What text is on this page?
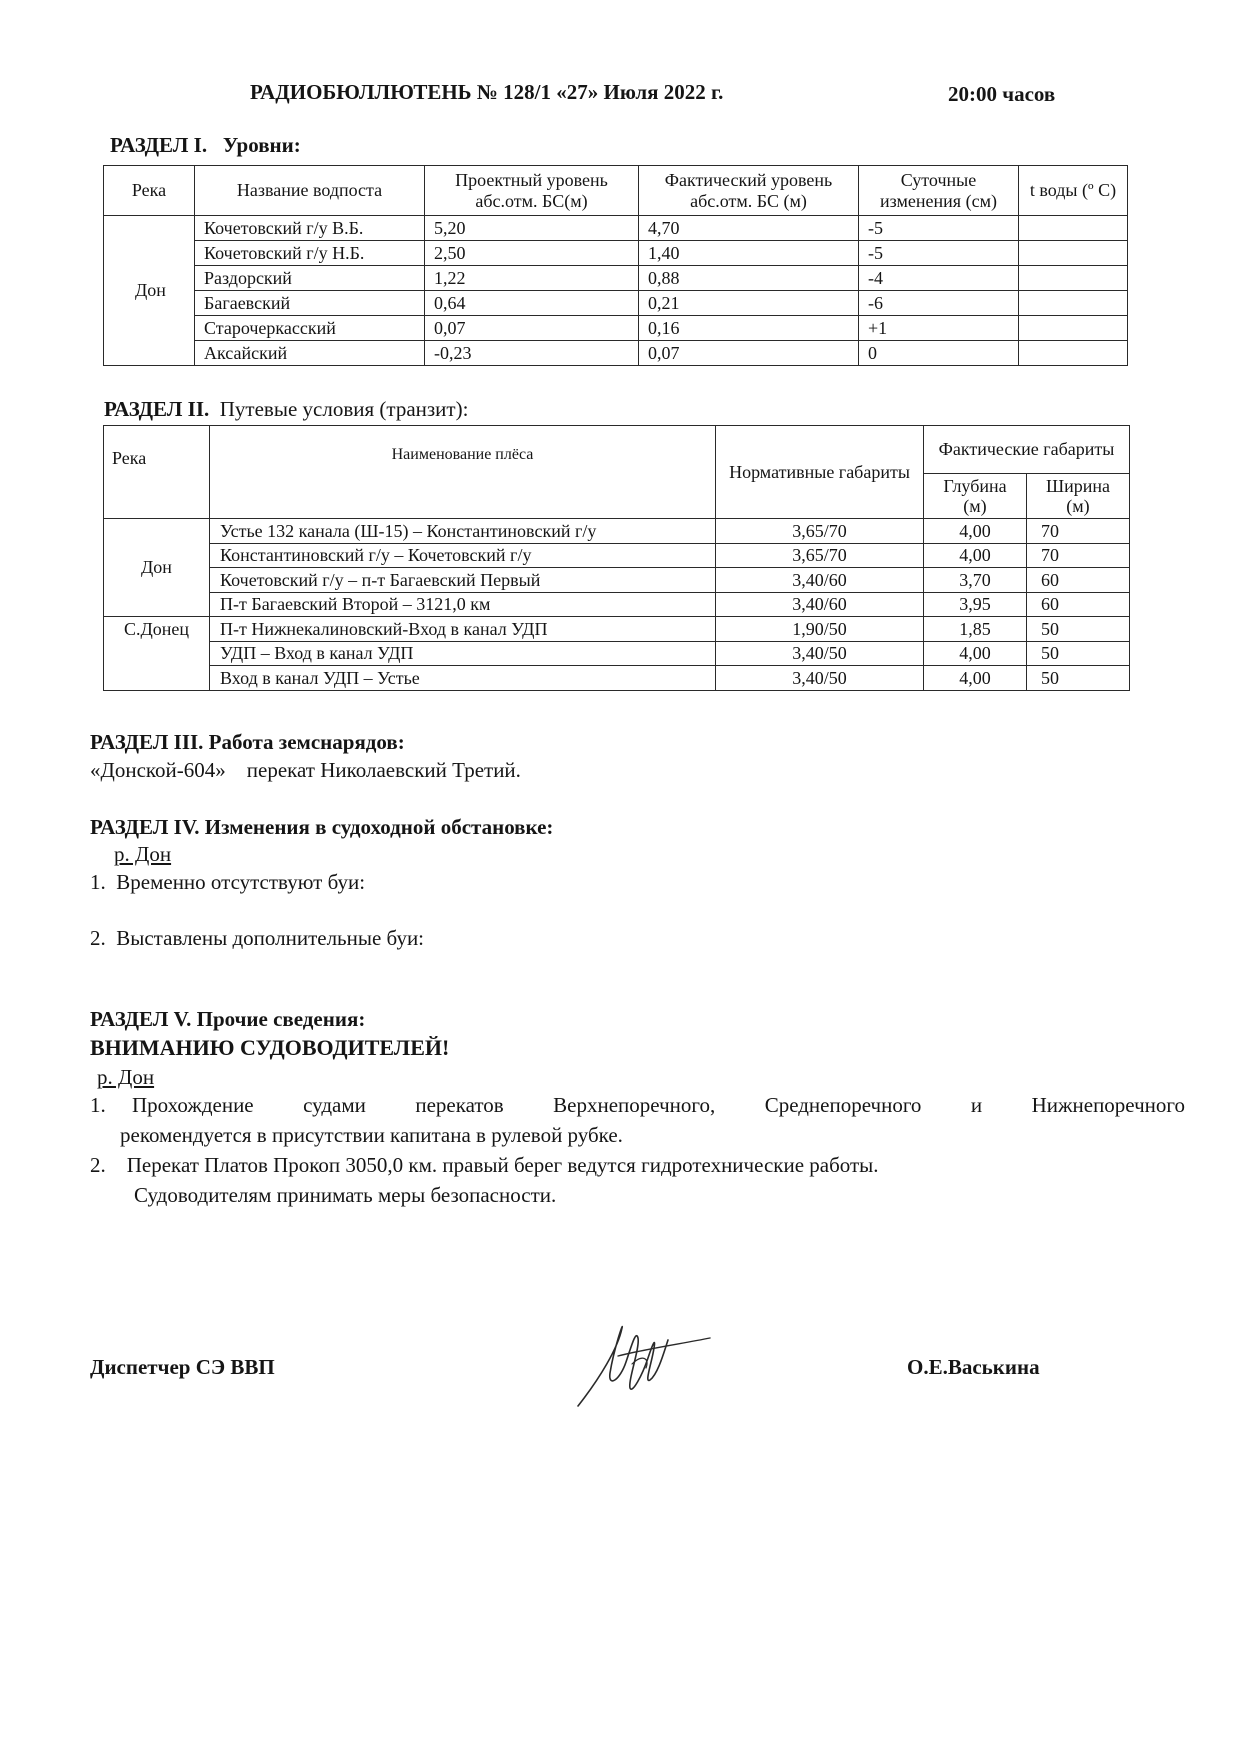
РАДИОБЮЛЛЮТЕНЬ № 128/1 «27» Июля 2022 г.	20:00 часов
РАЗДЕЛ I. Уровни:
Река	Название водпоста	Проектный уровень абс.отм. БС(м)	Фактический уровень абс.отм. БС (м)	Суточные изменения (см)	t воды (º С)
Дон	Кочетовский г/у В.Б.	5,20	4,70	-5	
	Кочетовский г/у Н.Б.	2,50	1,40	-5	
	Раздорский	1,22	0,88	-4	
	Багаевский	0,64	0,21	-6	
	Старочеркасский	0,07	0,16	+1	
	Аксайский	-0,23	0,07	0	
РАЗДЕЛ II. Путевые условия (транзит):
Река	Наименование плёса	Нормативные габариты	Фактические габариты	
			Глубина (м)	Ширина (м)
Дон	Устье 132 канала (Ш-15) – Константиновский г/у	3,65/70	4,00	70
	Константиновский г/у – Кочетовский г/у	3,65/70	4,00	70
	Кочетовский г/у – п-т Багаевский Первый	3,40/60	3,70	60
	П-т Багаевский Второй – 3121,0 км	3,40/60	3,95	60
С.Донец	П-т Нижнекалиновский-Вход в канал УДП	1,90/50	1,85	50
	УДП – Вход в канал УДП	3,40/50	4,00	50
	Вход в канал УДП – Устье	3,40/50	4,00	50
РАЗДЕЛ III. Работа земснарядов:
«Донской-604» перекат Николаевский Третий.
РАЗДЕЛ IV. Изменения в судоходной обстановке:
р. Дон
1. Временно отсутствуют буи:
2. Выставлены дополнительные буи:
РАЗДЕЛ V. Прочие сведения:
ВНИМАНИЮ СУДОВОДИТЕЛЕЙ!
р. Дон
1.	Прохождение судами перекатов Верхнепоречного, Среднепоречного и Нижнепоречного
рекомендуется в присутствии капитана в рулевой рубке.
2. Перекат Платов Прокоп 3050,0 км. правый берег ведутся гидротехнические работы.
Судоводителям принимать меры безопасности.
Диспетчер СЭ ВВП	О.Е.Васькина
